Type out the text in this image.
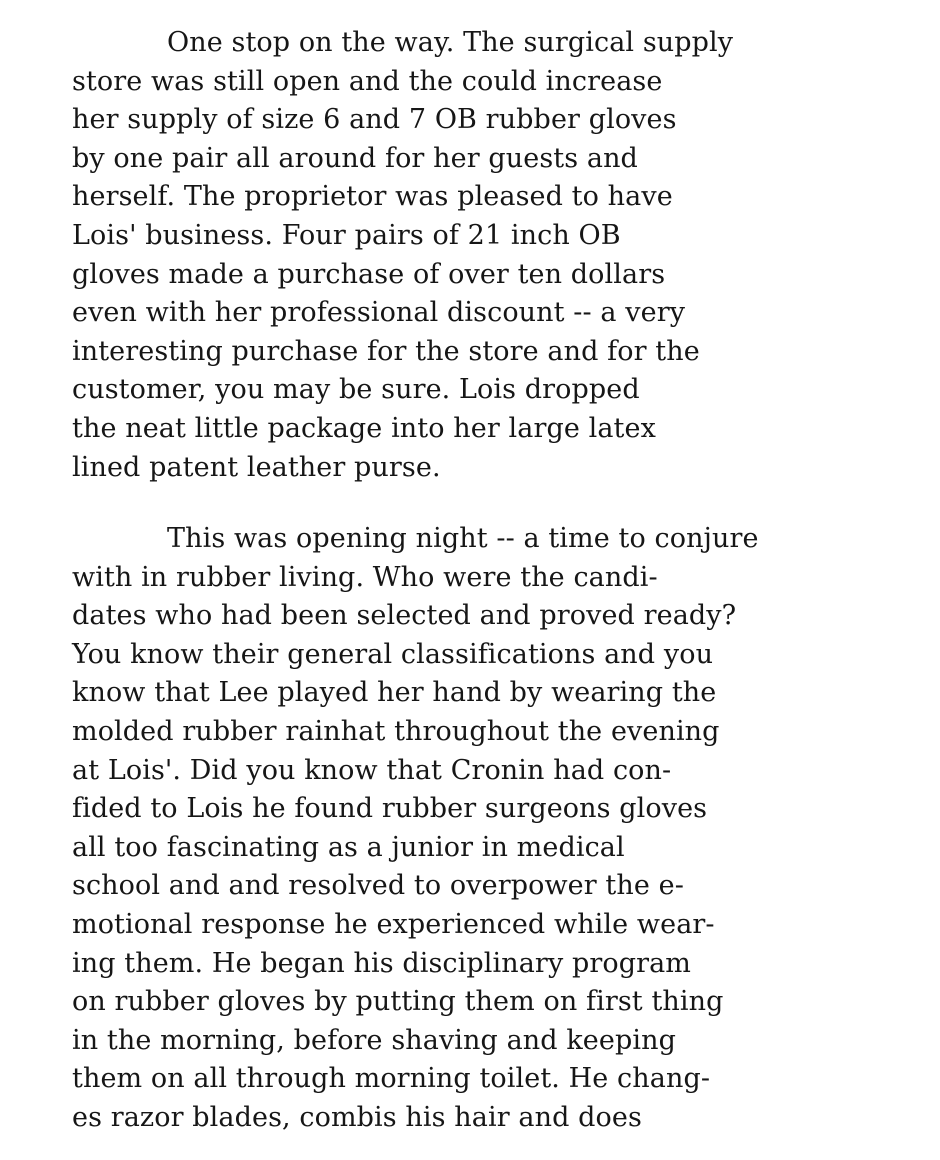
One stop on the way. The surgical supply
store was still open and the could increase
her supply of size 6 and 7 OB rubber gloves
by one pair all around for her guests and
herself. The proprietor was pleased to have
Lois' business. Four pairs of 21 inch OB
gloves made a purchase of over ten dollars
even with her professional discount -- a very
interesting purchase for the store and for the
customer, you may be sure. Lois dropped
the neat little package into her large latex
lined patent leather purse.

This was opening night -- a time to conjure
with in rubber living. Who were the candi-
dates who had been selected and proved ready?
You know their general classifications and you
know that Lee played her hand by wearing the
molded rubber rainhat throughout the evening
at Lois'. Did you know that Cronin had con-
fided to Lois he found rubber surgeons gloves
all too fascinating as a junior in medical
school and and resolved to overpower the e-
motional response he experienced while wear-
ing them. He began his disciplinary program
on rubber gloves by putting them on first thing
in the morning, before shaving and keeping
them on all through morning toilet. He chang-
es razor blades, combis his hair and does
